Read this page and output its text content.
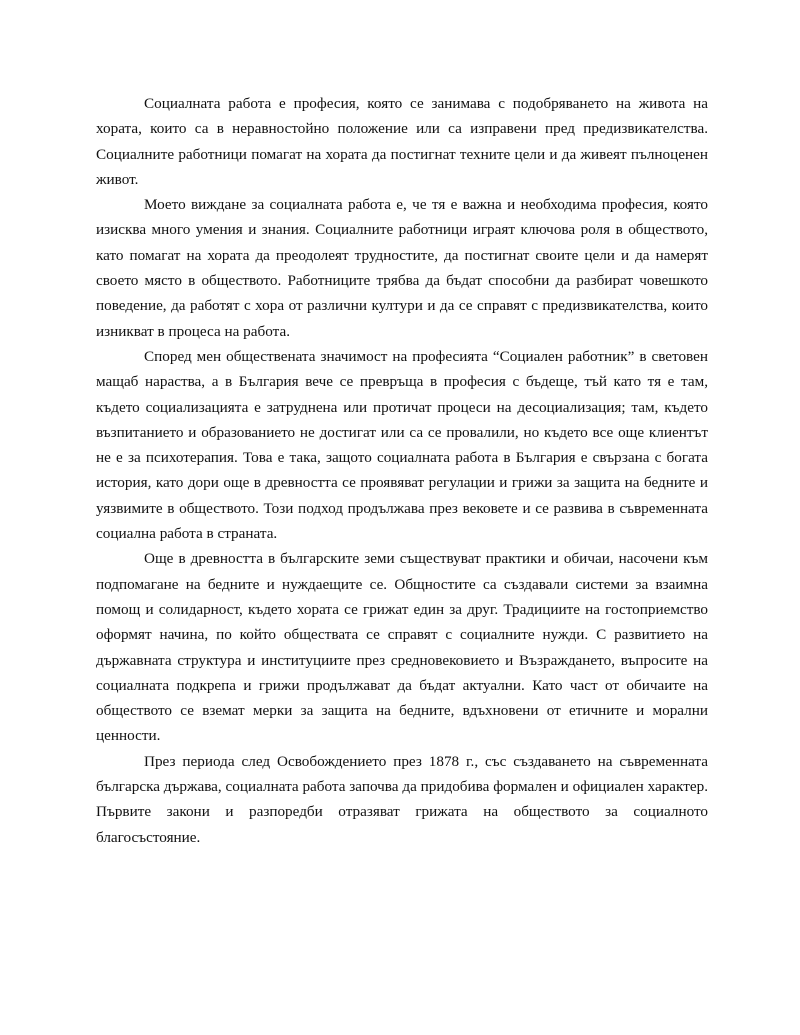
Социалната работа е професия, която се занимава с подобряването на живота на хората, които са в неравностойно положение или са изправени пред предизвикателства. Социалните работници помагат на хората да постигнат техните цели и да живеят пълноценен живот.

Моето виждане за социалната работа е, че тя е важна и необходима професия, която изисква много умения и знания. Социалните работници играят ключова роля в обществото, като помагат на хората да преодолеят трудностите, да постигнат своите цели и да намерят своето място в обществото. Работниците трябва да бъдат способни да разбират човешкото поведение, да работят с хора от различни култури и да се справят с предизвикателства, които изникват в процеса на работа.

Според мен обществената значимост на професията “Социален работник” в световен мащаб нараства, а в България вече се превръща в професия с бъдеще, тъй като тя е там, където социализацията е затруднена или протичат процеси на десоциализация; там, където възпитанието и образованието не достигат или са се провалили, но където все още клиентът не е за психотерапия. Това е така, защото социалната работа в България е свързана с богата история, като дори още в древността се проявяват регулации и грижи за защита на бедните и уязвимите в обществото. Този подход продължава през вековете и се развива в съвременната социална работа в страната.

Още в древността в българските земи съществуват практики и обичаи, насочени към подпомагане на бедните и нуждаещите се. Общностите са създавали системи за взаимна помощ и солидарност, където хората се грижат един за друг. Традициите на гостоприемство оформят начина, по който обществата се справят с социалните нужди. С развитието на държавната структура и институциите през средновековието и Възраждането, въпросите на социалната подкрепа и грижи продължават да бъдат актуални. Като част от обичаите на обществото се вземат мерки за защита на бедните, вдъхновени от етичните и морални ценности.

През периода след Освобождението през 1878 г., със създаването на съвременната българска държава, социалната работа започва да придобива формален и официален характер. Първите закони и разпоредби отразяват грижата на обществото за социалното благосъстояние.
